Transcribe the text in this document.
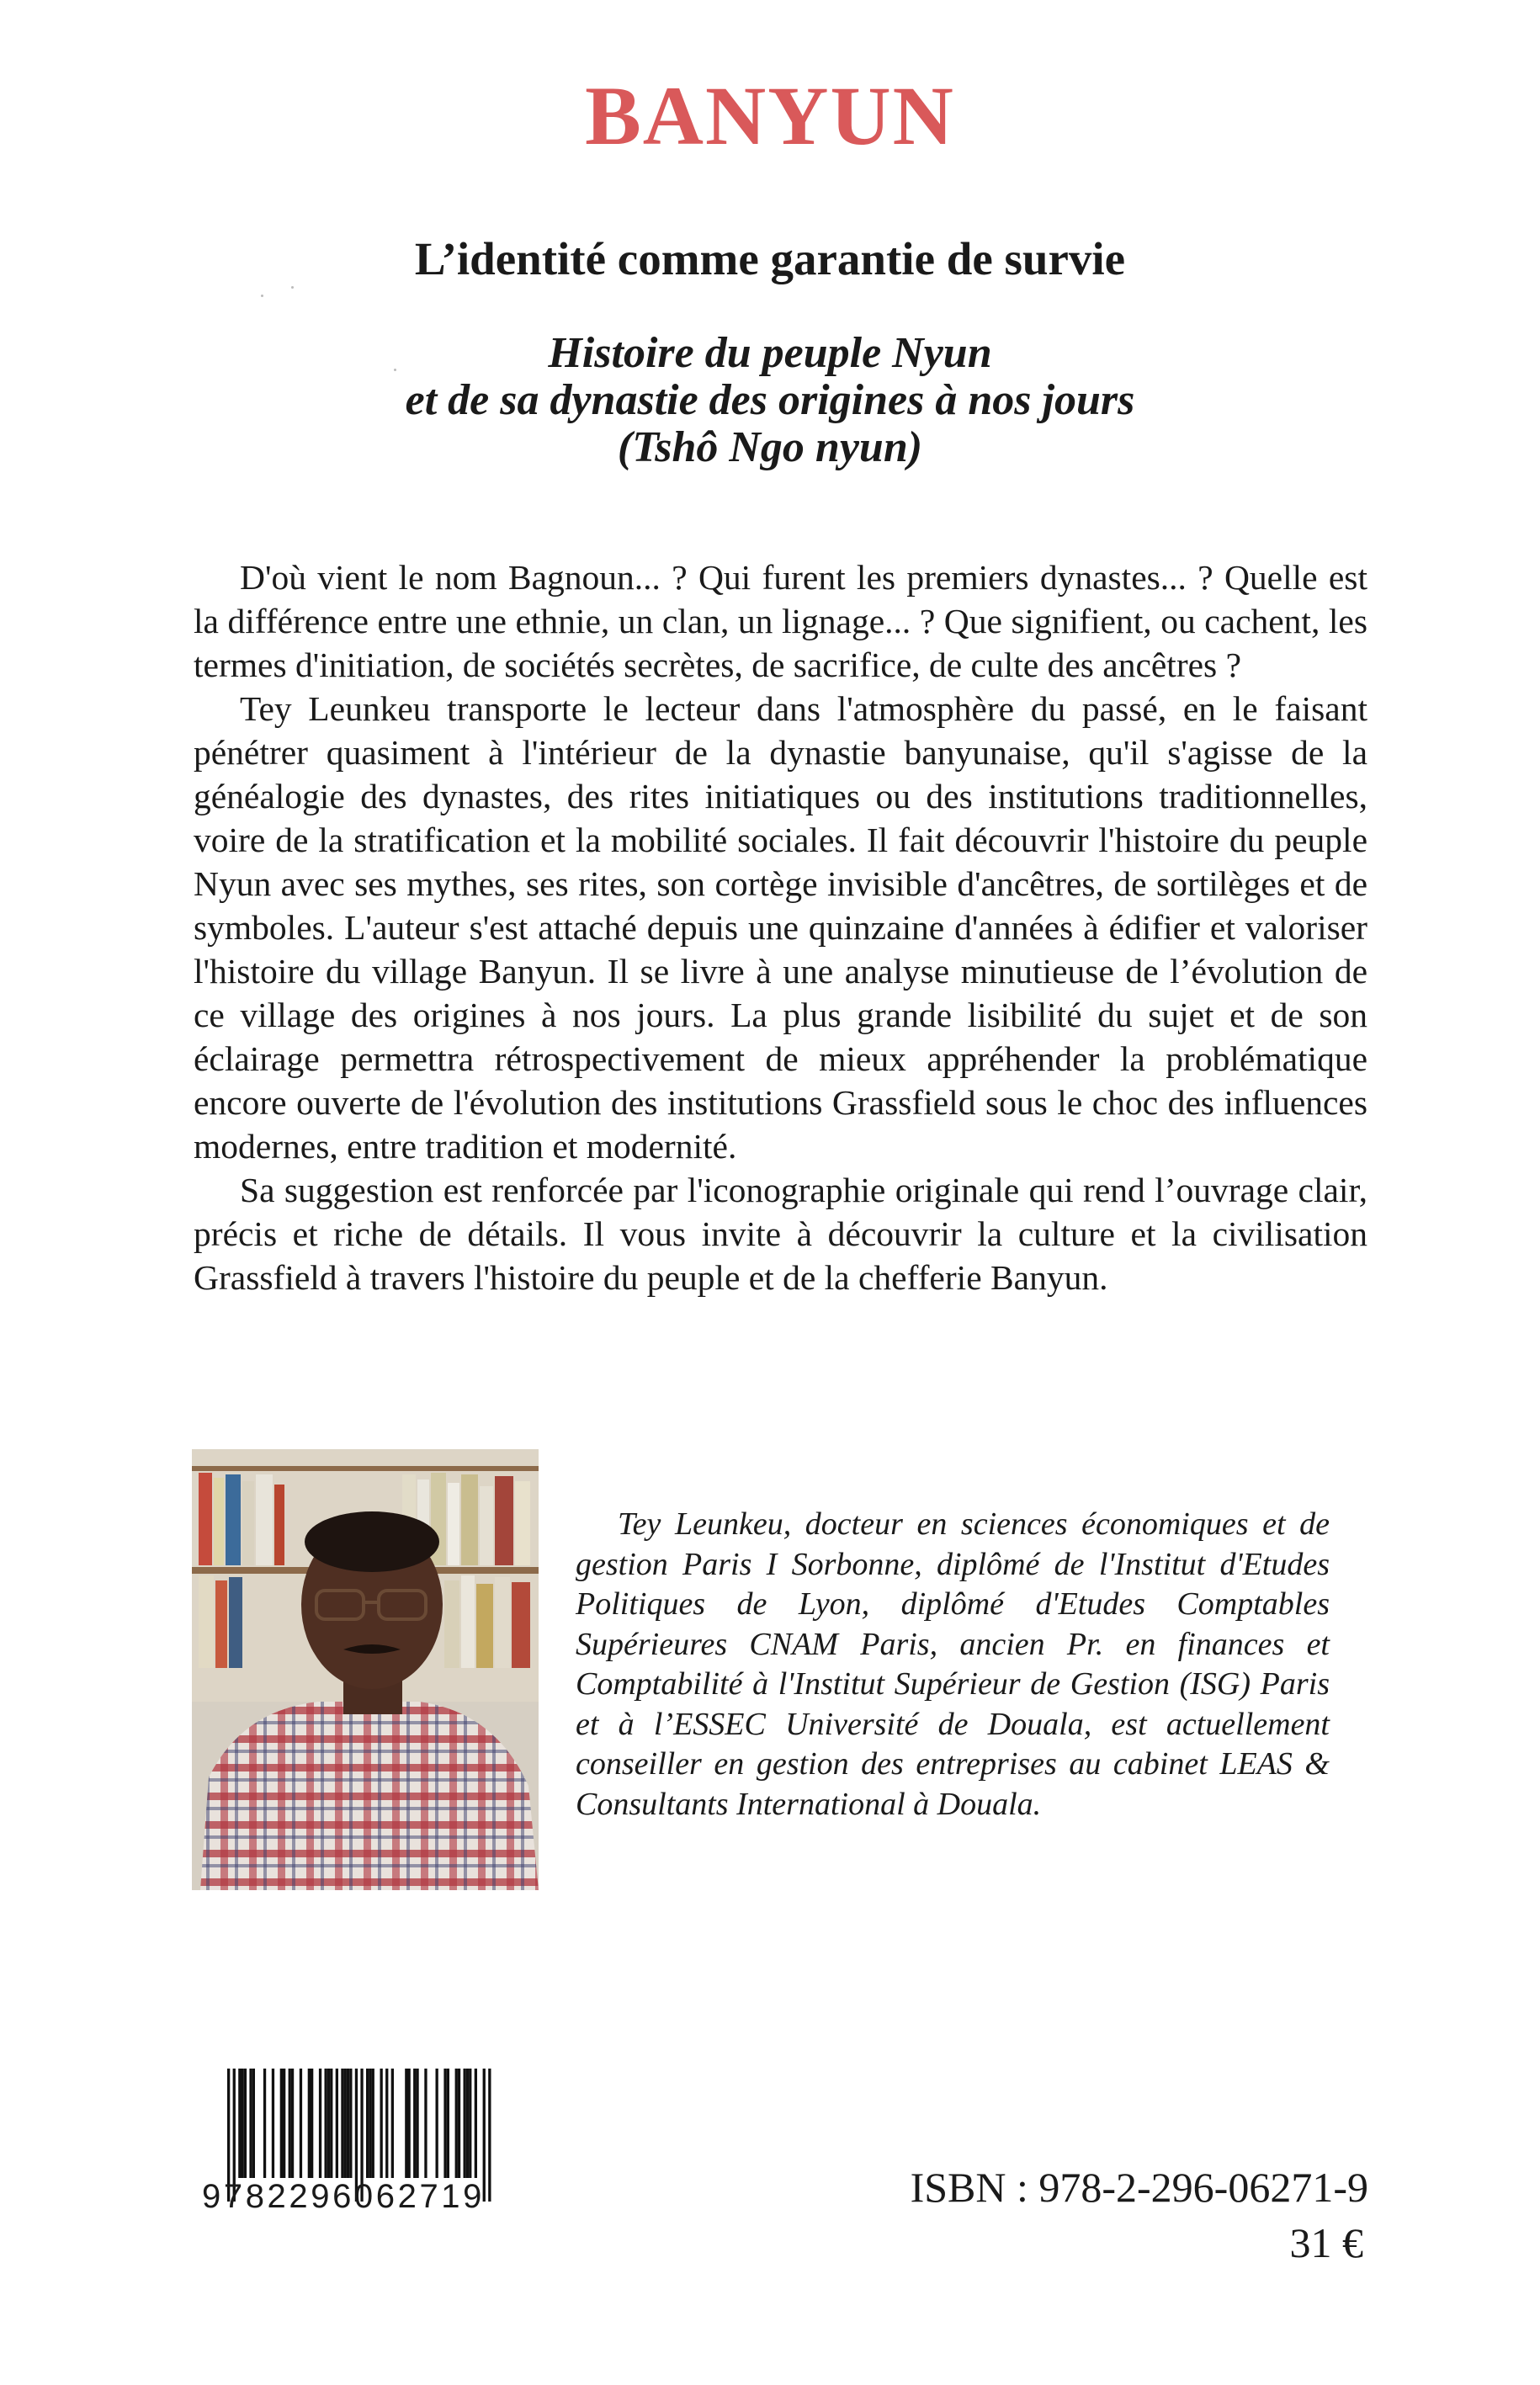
BANYUN
L’identité comme garantie de survie
Histoire du peuple Nyun
et de sa dynastie des origines à nos jours
(Tshô Ngo nyun)

D'où vient le nom Bagnoun... ? Qui furent les premiers dynastes... ? Quelle est la différence entre une ethnie, un clan, un lignage... ? Que signifient, ou cachent, les termes d'initiation, de sociétés secrètes, de sacrifice, de culte des ancêtres ?

Tey Leunkeu transporte le lecteur dans l'atmosphère du passé, en le faisant pénétrer quasiment à l'intérieur de la dynastie banyunaise, qu'il s'agisse de la généalogie des dynastes, des rites initiatiques ou des institutions traditionnelles, voire de la stratification et la mobilité sociales. Il fait découvrir l'histoire du peuple Nyun avec ses mythes, ses rites, son cortège invisible d'ancêtres, de sortilèges et de symboles. L'auteur s'est attaché depuis une quinzaine d'années à édifier et valoriser l'histoire du village Banyun. Il se livre à une analyse minutieuse de l’évolution de ce village des origines à nos jours. La plus grande lisibilité du sujet et de son éclairage permettra rétrospectivement de mieux appréhender la problématique encore ouverte de l'évolution des institutions Grassfield sous le choc des influences modernes, entre tradition et modernité.

Sa suggestion est renforcée par l'iconographie originale qui rend l’ouvrage clair, précis et riche de détails. Il vous invite à découvrir la culture et la civilisation Grassfield à travers l'histoire du peuple et de la chefferie Banyun.

Tey Leunkeu, docteur en sciences économiques et de gestion Paris I Sorbonne, diplômé de l'Institut d'Etudes Politiques de Lyon, diplômé d'Etudes Comptables Supérieures CNAM Paris, ancien Pr. en finances et Comptabilité à l'Institut Supérieur de Gestion (ISG) Paris et à l’ESSEC Université de Douala, est actuellement conseiller en gestion des entreprises au cabinet LEAS & Consultants International à Douala.

9782296062719	ISBN : 978-2-296-06271-9

31 €
